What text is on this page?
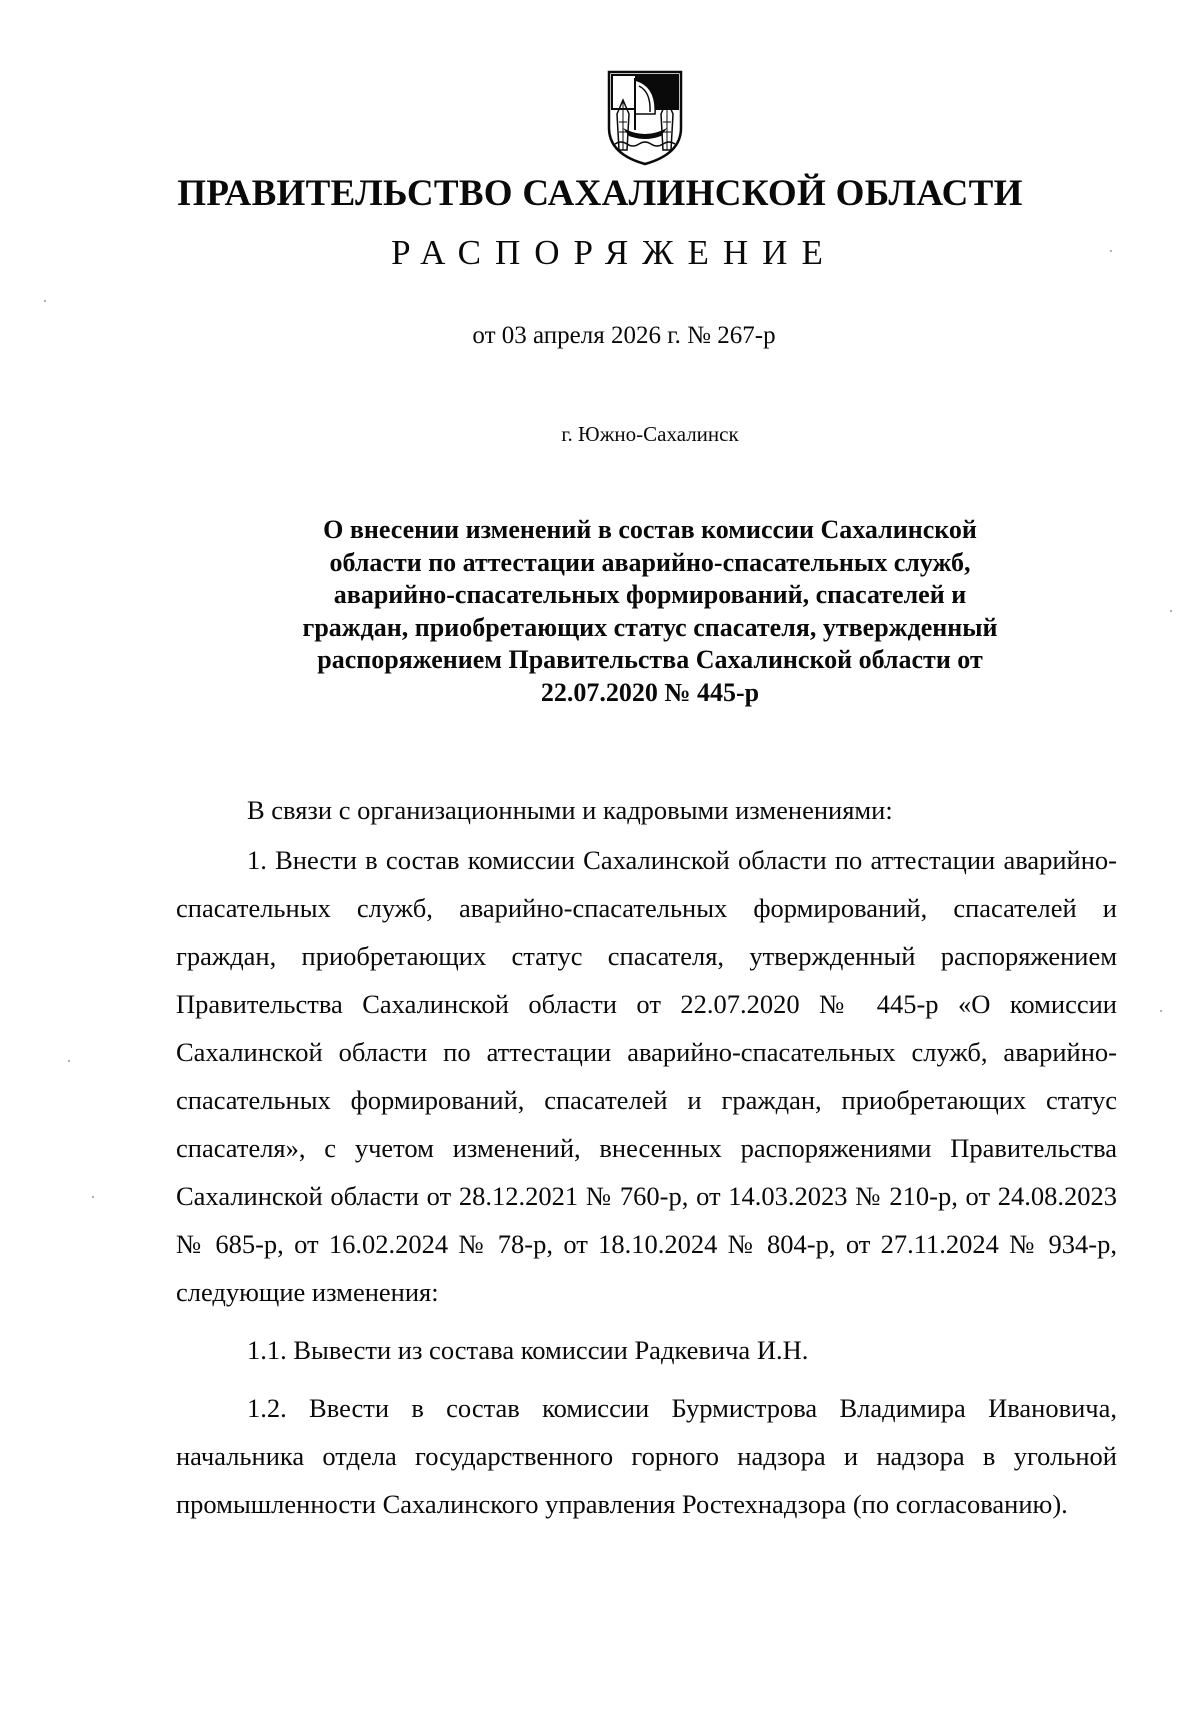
ПРАВИТЕЛЬСТВО САХАЛИНСКОЙ ОБЛАСТИ
РАСПОРЯЖЕНИЕ
от 03 апреля 2026 г. № 267-р
г. Южно-Сахалинск
О внесении изменений в состав комиссии Сахалинской области по аттестации аварийно-спасательных служб, аварийно-спасательных формирований, спасателей и граждан, приобретающих статус спасателя, утвержденный распоряжением Правительства Сахалинской области от 22.07.2020 № 445-р

В связи с организационными и кадровыми изменениями:

1. Внести в состав комиссии Сахалинской области по аттестации аварийно-спасательных служб, аварийно-спасательных формирований, спасателей и граждан, приобретающих статус спасателя, утвержденный распоряжением Правительства Сахалинской области от 22.07.2020 № 445-р «О комиссии Сахалинской области по аттестации аварийно-спасательных служб, аварийно-спасательных формирований, спасателей и граждан, приобретающих статус спасателя», с учетом изменений, внесенных распоряжениями Правительства Сахалинской области от 28.12.2021 № 760-р, от 14.03.2023 № 210-р, от 24.08.2023 № 685-р, от 16.02.2024 № 78-р, от 18.10.2024 № 804-р, от 27.11.2024 № 934-р, следующие изменения:

1.1. Вывести из состава комиссии Радкевича И.Н.

1.2. Ввести в состав комиссии Бурмистрова Владимира Ивановича, начальника отдела государственного горного надзора и надзора в угольной промышленности Сахалинского управления Ростехнадзора (по согласованию).
